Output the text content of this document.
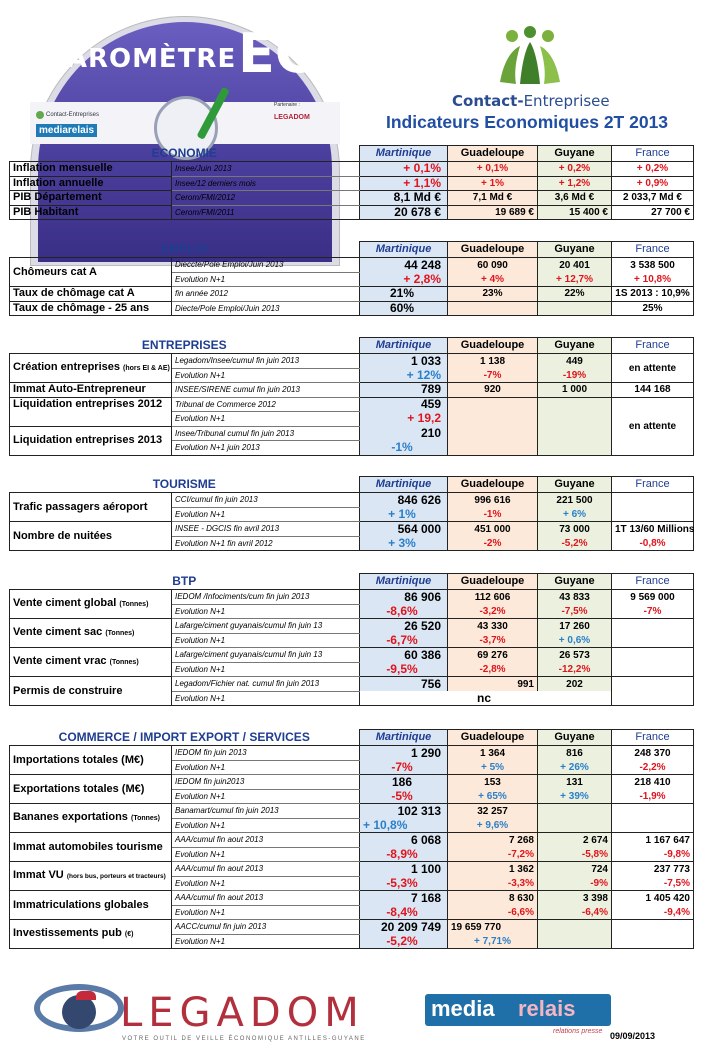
LE
BAROMÈTRE ÉCO
Contact-Entreprises
mediarelais
Partenaire :
LEGADOM
Contact-Entreprisee
Indicateurs Economiques 2T 2013
ECONOMIE		Martinique	Guadeloupe	Guyane	France
Inflation mensuelle	Insee/Juin 2013	+ 0,1%	+ 0,1%	+ 0,2%	+ 0,2%
Inflation annuelle	Insee/12 derniers mois	+ 1,1%	+ 1%	+ 1,2%	+ 0,9%
PIB Département	Cerom/FMI/2012	8,1 Md €	7,1 Md €	3,6 Md €	2 033,7 Md €
PIB Habitant	Cerom/FMI/2011	20 678 €	19 689 €	15 400 €	27 700 €
EMPLOI		Martinique	Guadeloupe	Guyane	France
Chômeurs cat A	Dieccte/Pole Emploi/Juin 2013	44 248	60 090	20 401	3 538 500
	Evolution N+1	+ 2,8%	+ 4%	+ 12,7%	+ 10,8%
Taux de chômage cat A	fin année 2012	21%	23%	22%	1S 2013 : 10,9%
Taux de chômage - 25 ans	Diecte/Pole Emploi/Juin 2013	60%			25%
ENTREPRISES		Martinique	Guadeloupe	Guyane	France
Création entreprises (hors EI & AE)	Legadom/Insee/cumul fin juin 2013	1 033	1 138	449	en attente
	Evolution N+1	+ 12%	-7%	-19%	
Immat Auto-Entrepreneur	INSEE/SIRENE cumul fin juin 2013	789	920	1 000	144 168
Liquidation entreprises 2012	Tribunal de Commerce 2012	459			en attente
	Evolution N+1	+ 19,2			
Liquidation entreprises 2013	Insee/Tribunal cumul fin juin 2013	210			
	Evolution N+1 juin 2013	-1%			
TOURISME		Martinique	Guadeloupe	Guyane	France
Trafic passagers aéroport	CCI/cumul fin juin 2013	846 626	996 616	221 500	
	Evolution N+1	+ 1%	-1%	+ 6%	
Nombre de nuitées	INSEE - DGCIS fin avril 2013	564 000	451 000	73 000	1T 13/60 Millions
	Evolution N+1 fin avril 2012	+ 3%	-2%	-5,2%	-0,8%
BTP		Martinique	Guadeloupe	Guyane	France
Vente ciment global (Tonnes)	IEDOM /Infociments/cum fin juin 2013	86 906	112 606	43 833	9 569 000
	Evolution N+1	-8,6%	-3,2%	-7,5%	-7%
Vente ciment sac (Tonnes)	Lafarge/ciment guyanais/cumul fin juin 13	26 520	43 330	17 260	
	Evolution N+1	-6,7%	-3,7%	+ 0,6%	
Vente ciment vrac (Tonnes)	Lafarge/ciment guyanais/cumul fin juin 13	60 386	69 276	26 573	
	Evolution N+1	-9,5%	-2,8%	-12,2%	
Permis de construire	Legadom/Fichier nat. cumul fin juin 2013	756	991	202	
	Evolution N+1	nc			
COMMERCE / IMPORT EXPORT / SERVICES		Martinique	Guadeloupe	Guyane	France
Importations totales (M€)	IEDOM fin juin 2013	1 290	1 364	816	248 370
	Evolution N+1	-7%	+ 5%	+ 26%	-2,2%
Exportations totales (M€)	IEDOM fin juin2013	186	153	131	218 410
	Evolution N+1	-5%	+ 65%	+ 39%	-1,9%
Bananes exportations (Tonnes)	Banamart/cumul fin juin 2013	102 313	32 257		
	Evolution N+1	+ 10,8%	+ 9,6%		
Immat automobiles tourisme	AAA/cumul fin aout 2013	6 068	7 268	2 674	1 167 647
	Evolution N+1	-8,9%	-7,2%	-5,8%	-9,8%
Immat VU (hors bus, porteurs et tracteurs)	AAA/cumul fin aout 2013	1 100	1 362	724	237 773
	Evolution N+1	-5,3%	-3,3%	-9%	-7,5%
Immatriculations globales	AAA/cumul fin aout 2013	7 168	8 630	3 398	1 405 420
	Evolution N+1	-8,4%	-6,6%	-6,4%	-9,4%
Investissements pub (€)	AACC/cumul fin juin 2013	20 209 749	19 659 770		
	Evolution N+1	-5,2%	+ 7,71%		
LEGADOM
VOTRE OUTIL DE VEILLE ÉCONOMIQUE ANTILLES-GUYANE
media relais
relations presse 09/09/2013
